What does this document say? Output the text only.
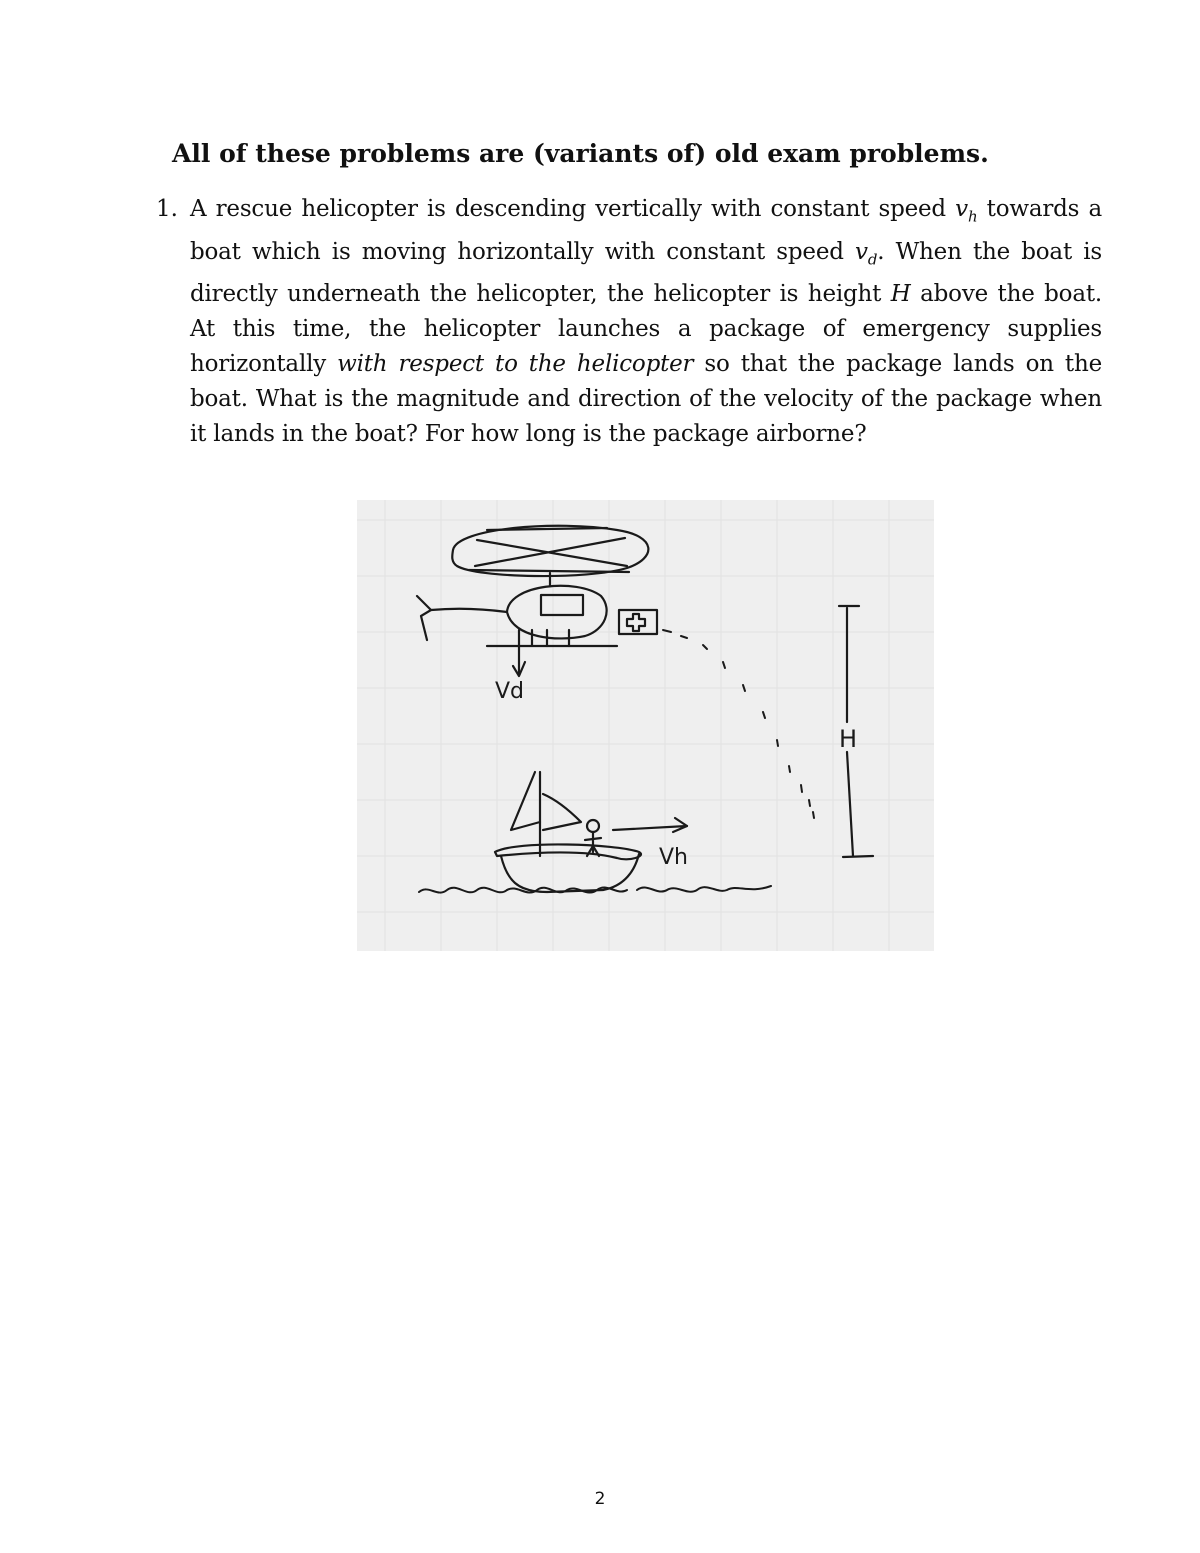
All of these problems are (variants of) old exam problems.
1. A rescue helicopter is descending vertically with constant speed $v_h$ towards a boat which is moving horizontally with constant speed $v_d$. When the boat is directly underneath the helicopter, the helicopter is height H above the boat. At this time, the helicopter launches a package of emergency supplies horizontally with respect to the helicopter so that the package lands on the boat. What is the magnitude and direction of the velocity of the package when it lands in the boat? For how long is the package airborne?
Vd
Vh
H
2
